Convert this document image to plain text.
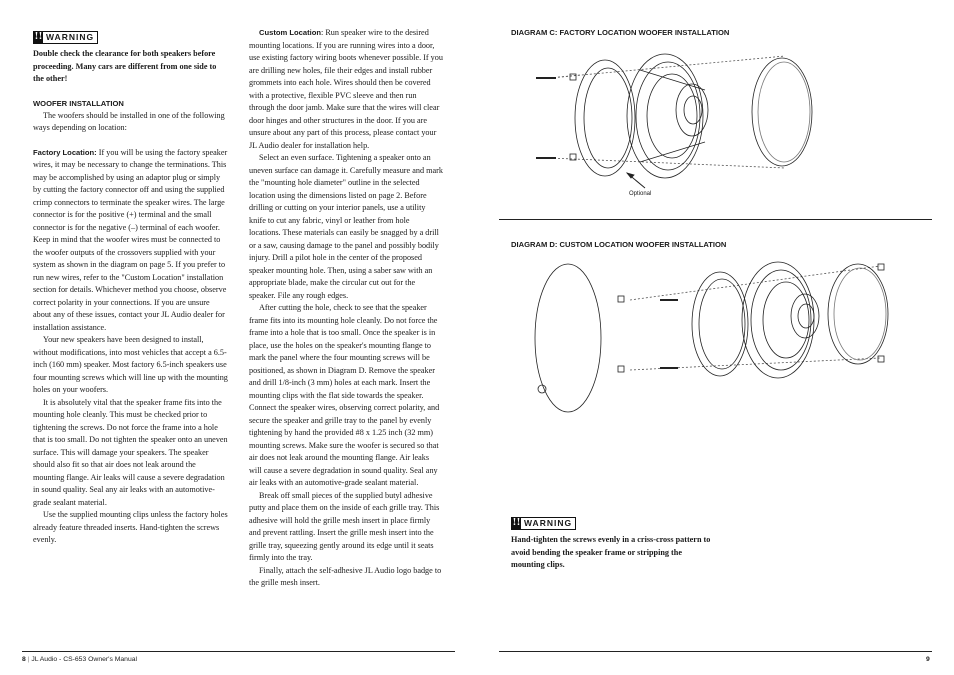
!! WARNING

Double check the clearance for both speakers before proceeding. Many cars are different from one side to the other!

WOOFER INSTALLATION

The woofers should be installed in one of the following ways depending on location:

Factory Location: If you will be using the factory speaker wires, it may be necessary to change the terminations. This may be accomplished by using an adaptor plug or simply by cutting the factory connector off and using the supplied crimp connectors to terminate the speaker wires. The large connector is for the positive (+) terminal and the small connector is for the negative (–) terminal of each woofer. Keep in mind that the woofer wires must be connected to the woofer outputs of the crossovers supplied with your system as shown in the diagram on page 5. If you prefer to run new wires, refer to the "Custom Location" installation section for details. Whichever method you choose, observe correct polarity in your connections. If you are unsure about any of these issues, contact your JL Audio dealer for installation assistance.

Your new speakers have been designed to install, without modifications, into most vehicles that accept a 6.5-inch (160 mm) speaker. Most factory 6.5-inch speakers use four mounting screws which will line up with the mounting holes on your woofers.

It is absolutely vital that the speaker frame fits into the mounting hole cleanly. This must be checked prior to tightening the screws. Do not force the frame into a hole that is too small. Do not tighten the speaker onto an uneven surface. This will damage your speakers. The speaker should also fit so that air does not leak around the mounting flange. Air leaks will cause a severe degradation in sound quality. Seal any air leaks with an automotive-grade sealant material.

Use the supplied mounting clips unless the factory holes already feature threaded inserts. Hand-tighten the screws evenly.

Custom Location: Run speaker wire to the desired mounting locations. If you are running wires into a door, use existing factory wiring boots whenever possible. If you are drilling new holes, file their edges and install rubber grommets into each hole. Wires should then be covered with a protective, flexible PVC sleeve and then run through the door jamb. Make sure that the wires will clear door hinges and other structures in the door. If you are unsure about any part of this process, please contact your JL Audio dealer for installation help.

Select an even surface. Tightening a speaker onto an uneven surface can damage it. Carefully measure and mark the "mounting hole diameter" outline in the selected location using the dimensions listed on page 2. Before drilling or cutting on your interior panels, use a utility knife to cut any fabric, vinyl or leather from hole locations. These materials can easily be snagged by a drill or a saw, causing damage to the panel and possibly bodily injury. Drill a pilot hole in the center of the proposed speaker mounting hole. Then, using a saber saw with an appropriate blade, make the circular cut out for the speaker. File any rough edges.

After cutting the hole, check to see that the speaker frame fits into its mounting hole cleanly. Do not force the frame into a hole that is too small. Once the speaker is in place, use the holes on the speaker's mounting flange to mark the panel where the four mounting screws will be positioned, as shown in Diagram D. Remove the speaker and drill 1/8-inch (3 mm) holes at each mark. Insert the mounting clips with the flat side towards the speaker. Connect the speaker wires, observing correct polarity, and secure the speaker and grille tray to the panel by evenly tightening by hand the provided #8 x 1.25 inch (32 mm) mounting screws. Make sure the woofer is secured so that air does not leak around the mounting flange. Air leaks will cause a severe degradation in sound quality. Seal any air leaks with an automotive-grade sealant material.

Break off small pieces of the supplied butyl adhesive putty and place them on the inside of each grille tray. This adhesive will hold the grille mesh insert in place firmly and prevent rattling. Insert the grille mesh insert into the grille tray, squeezing gently around its edge until it seats firmly into the tray.

Finally, attach the self-adhesive JL Audio logo badge to the grille mesh insert.

8 | JL Audio - CS-653 Owner's Manual
DIAGRAM C: FACTORY LOCATION WOOFER INSTALLATION
Optional
DIAGRAM D: CUSTOM LOCATION WOOFER INSTALLATION
!! WARNING

Hand-tighten the screws evenly in a criss-cross pattern to avoid bending the speaker frame or stripping the mounting clips.

9
